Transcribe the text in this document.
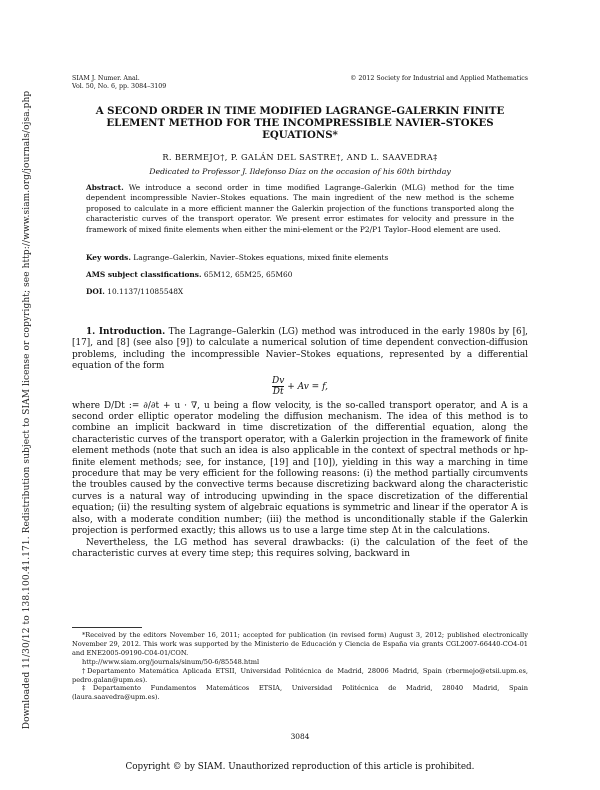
Downloaded 11/30/12 to 138.100.41.171. Redistribution subject to SIAM license or copyright; see http://www.siam.org/journals/ojsa.php
SIAM J. Numer. Anal.
Vol. 50, No. 6, pp. 3084–3109
© 2012 Society for Industrial and Applied Mathematics
A SECOND ORDER IN TIME MODIFIED LAGRANGE–GALERKIN FINITE ELEMENT METHOD FOR THE INCOMPRESSIBLE NAVIER–STOKES EQUATIONS*
R. BERMEJO†, P. GALÁN DEL SASTRE†, AND L. SAAVEDRA‡
Dedicated to Professor J. Ildefonso Díaz on the occasion of his 60th birthday
Abstract. We introduce a second order in time modified Lagrange–Galerkin (MLG) method for the time dependent incompressible Navier–Stokes equations. The main ingredient of the new method is the scheme proposed to calculate in a more efficient manner the Galerkin projection of the functions transported along the characteristic curves of the transport operator. We present error estimates for velocity and pressure in the framework of mixed finite elements when either the mini-element or the P2/P1 Taylor–Hood element are used.
Key words. Lagrange–Galerkin, Navier–Stokes equations, mixed finite elements
AMS subject classifications. 65M12, 65M25, 65M60
DOI. 10.1137/11085548X
1. Introduction. The Lagrange–Galerkin (LG) method was introduced in the early 1980s by [6], [17], and [8] (see also [9]) to calculate a numerical solution of time dependent convection-diffusion problems, including the incompressible Navier–Stokes equations, represented by a differential equation of the form
$\frac{Dv}{Dt} + Av = f$,
where D/Dt := ∂/∂t + u · ∇, u being a flow velocity, is the so-called transport operator, and A is a second order elliptic operator modeling the diffusion mechanism. The idea of this method is to combine an implicit backward in time discretization of the differential equation, along the characteristic curves of the transport operator, with a Galerkin projection in the framework of finite element methods (note that such an idea is also applicable in the context of spectral methods or hp-finite element methods; see, for instance, [19] and [10]), yielding in this way a marching in time procedure that may be very efficient for the following reasons: (i) the method partially circumvents the troubles caused by the convective terms because discretizing backward along the characteristic curves is a natural way of introducing upwinding in the space discretization of the differential equation; (ii) the resulting system of algebraic equations is symmetric and linear if the operator A is also, with a moderate condition number; (iii) the method is unconditionally stable if the Galerkin projection is performed exactly; this allows us to use a large time step Δt in the calculations.
Nevertheless, the LG method has several drawbacks: (i) the calculation of the feet of the characteristic curves at every time step; this requires solving, backward in

*Received by the editors November 16, 2011; accepted for publication (in revised form) August 3, 2012; published electronically November 29, 2012. This work was supported by the Ministerio de Educación y Ciencia de España via grants CGL2007-66440-CO4-01 and ENE2005-09190-C04-01/CON.

http://www.siam.org/journals/sinum/50-6/85548.html

†Departamento Matemática Aplicada ETSII, Universidad Politécnica de Madrid, 28006 Madrid, Spain (rbermejo@etsii.upm.es, pedro.galan@upm.es).

‡Departamento Fundamentos Matemáticos ETSIA, Universidad Politécnica de Madrid, 28040 Madrid, Spain (laura.saavedra@upm.es).

3084
Copyright © by SIAM. Unauthorized reproduction of this article is prohibited.
